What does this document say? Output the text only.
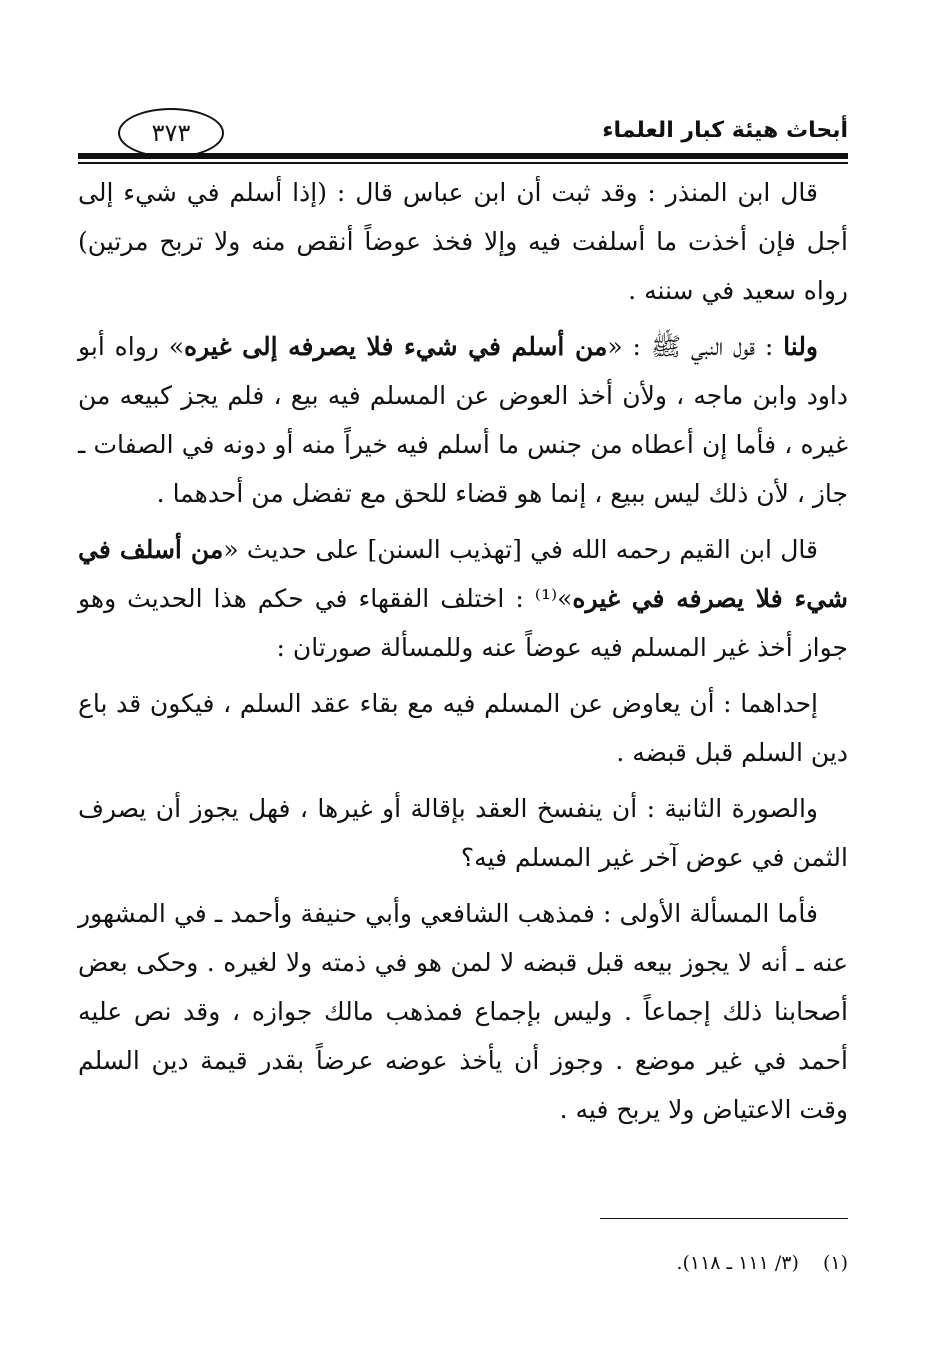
أبحاث هيئة كبار العلماء
٣٧٣

قال ابن المنذر : وقد ثبت أن ابن عباس قال : (إذا أسلم في شيء إلى أجل فإن أخذت ما أسلفت فيه وإلا فخذ عوضاً أنقص منه ولا تربح مرتين) رواه سعيد في سننه .

ولنا : قول النبي ﷺ : «من أسلم في شيء فلا يصرفه إلى غيره» رواه أبو داود وابن ماجه ، ولأن أخذ العوض عن المسلم فيه بيع ، فلم يجز كبيعه من غيره ، فأما إن أعطاه من جنس ما أسلم فيه خيراً منه أو دونه في الصفات ـ جاز ، لأن ذلك ليس ببيع ، إنما هو قضاء للحق مع تفضل من أحدهما .

قال ابن القيم رحمه الله في [تهذيب السنن] على حديث «من أسلف في شيء فلا يصرفه في غيره»⁽¹⁾ : اختلف الفقهاء في حكم هذا الحديث وهو جواز أخذ غير المسلم فيه عوضاً عنه وللمسألة صورتان :

إحداهما : أن يعاوض عن المسلم فيه مع بقاء عقد السلم ، فيكون قد باع دين السلم قبل قبضه .

والصورة الثانية : أن ينفسخ العقد بإقالة أو غيرها ، فهل يجوز أن يصرف الثمن في عوض آخر غير المسلم فيه؟

فأما المسألة الأولى : فمذهب الشافعي وأبي حنيفة وأحمد ـ في المشهور عنه ـ أنه لا يجوز بيعه قبل قبضه لا لمن هو في ذمته ولا لغيره . وحكى بعض أصحابنا ذلك إجماعاً . وليس بإجماع فمذهب مالك جوازه ، وقد نص عليه أحمد في غير موضع . وجوز أن يأخذ عوضه عرضاً بقدر قيمة دين السلم وقت الاعتياض ولا يربح فيه .

(١) (٣/ ١١١ ـ ١١٨).
